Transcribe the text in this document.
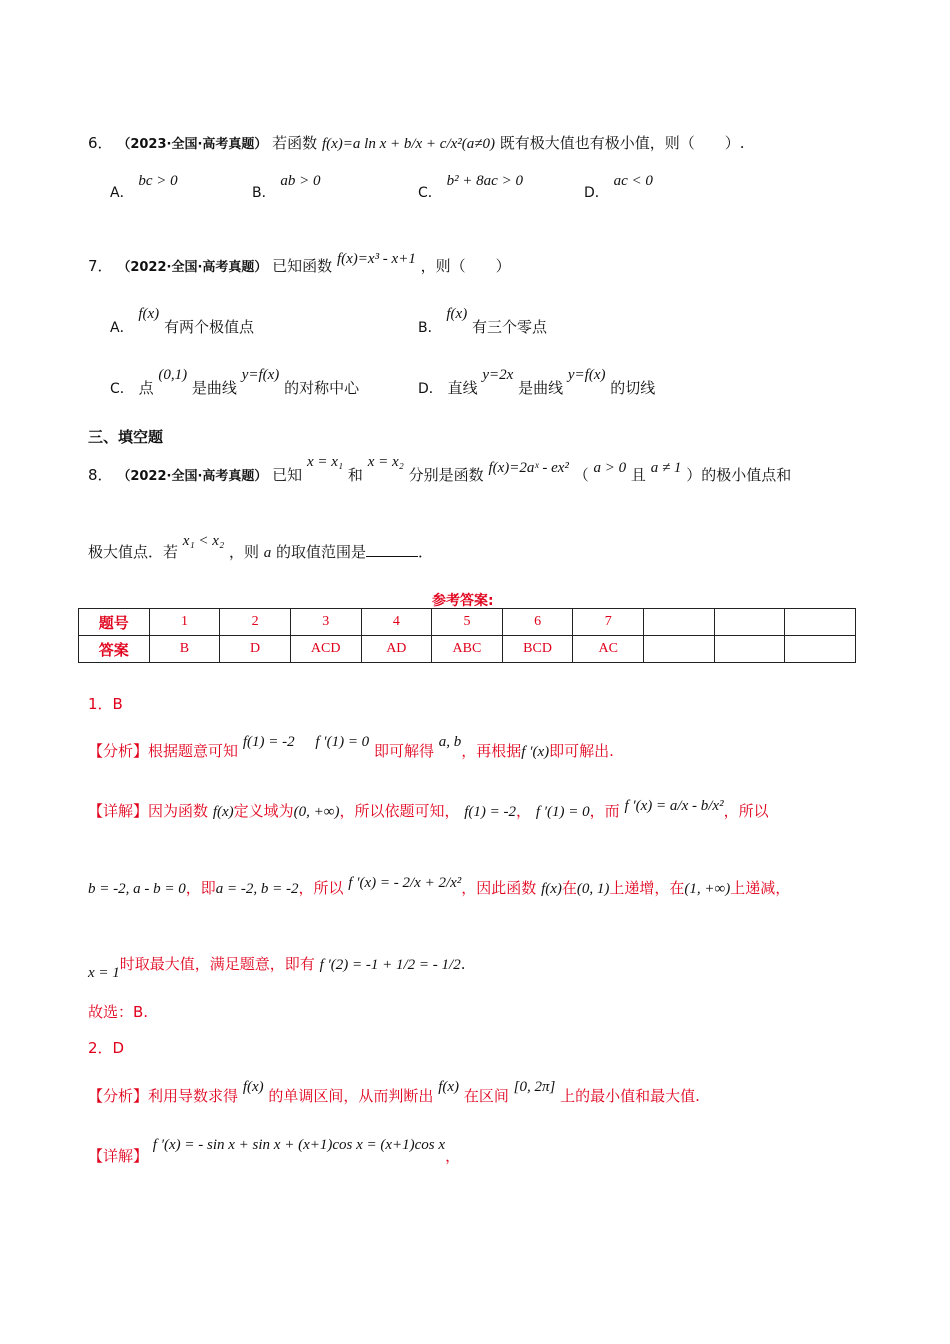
6． （2023·全国·高考真题） 若函数 f(x)=a ln x + b/x + c/x²(a≠0) 既有极大值也有极小值，则（　　）.
A． bc > 0
B． ab > 0
C． b² + 8ac > 0
D． ac < 0
7． （2022·全国·高考真题） 已知函数 f(x)=x³ - x+1 ，则（　　）
A． f(x) 有两个极值点	B． f(x) 有三个零点
C． 点 (0,1) 是曲线 y=f(x) 的对称中心	D． 直线 y=2x 是曲线 y=f(x) 的切线
三、填空题
8． （2022·全国·高考真题） 已知 x = x₁ 和 x = x₂ 分别是函数 f(x)=2aˣ - ex² （ a > 0 且 a ≠ 1 ）的极小值点和
极大值点．若 x₁ < x₂ ，则 a 的取值范围是	．
参考答案:
题号	1	2	3	4	5	6	7			
答案	B	D	ACD	AD	ABC	BCD	AC			
1．B
【分析】根据题意可知 f(1) = -2 f ′(1) = 0 即可解得 a, b，再根据f ′(x)即可解出.
【详解】因为函数 f(x)定义域为(0, +∞)，所以依题可知， f(1) = -2， f ′(1) = 0，而 f ′(x) = a/x - b/x²，所以
b = -2, a - b = 0，即a = -2, b = -2，所以 f ′(x) = - 2/x + 2/x²，因此函数 f(x)在(0, 1)上递增，在(1, +∞)上递减，
x = 1时取最大值，满足题意，即有 f ′(2) = -1 + 1/2 = - 1/2.
故选：B.
2．D
【分析】利用导数求得 f(x) 的单调区间，从而判断出 f(x) 在区间 [0, 2π] 上的最小值和最大值.
【详解】 f ′(x) = - sin x + sin x + (x+1)cos x = (x+1)cos x，
